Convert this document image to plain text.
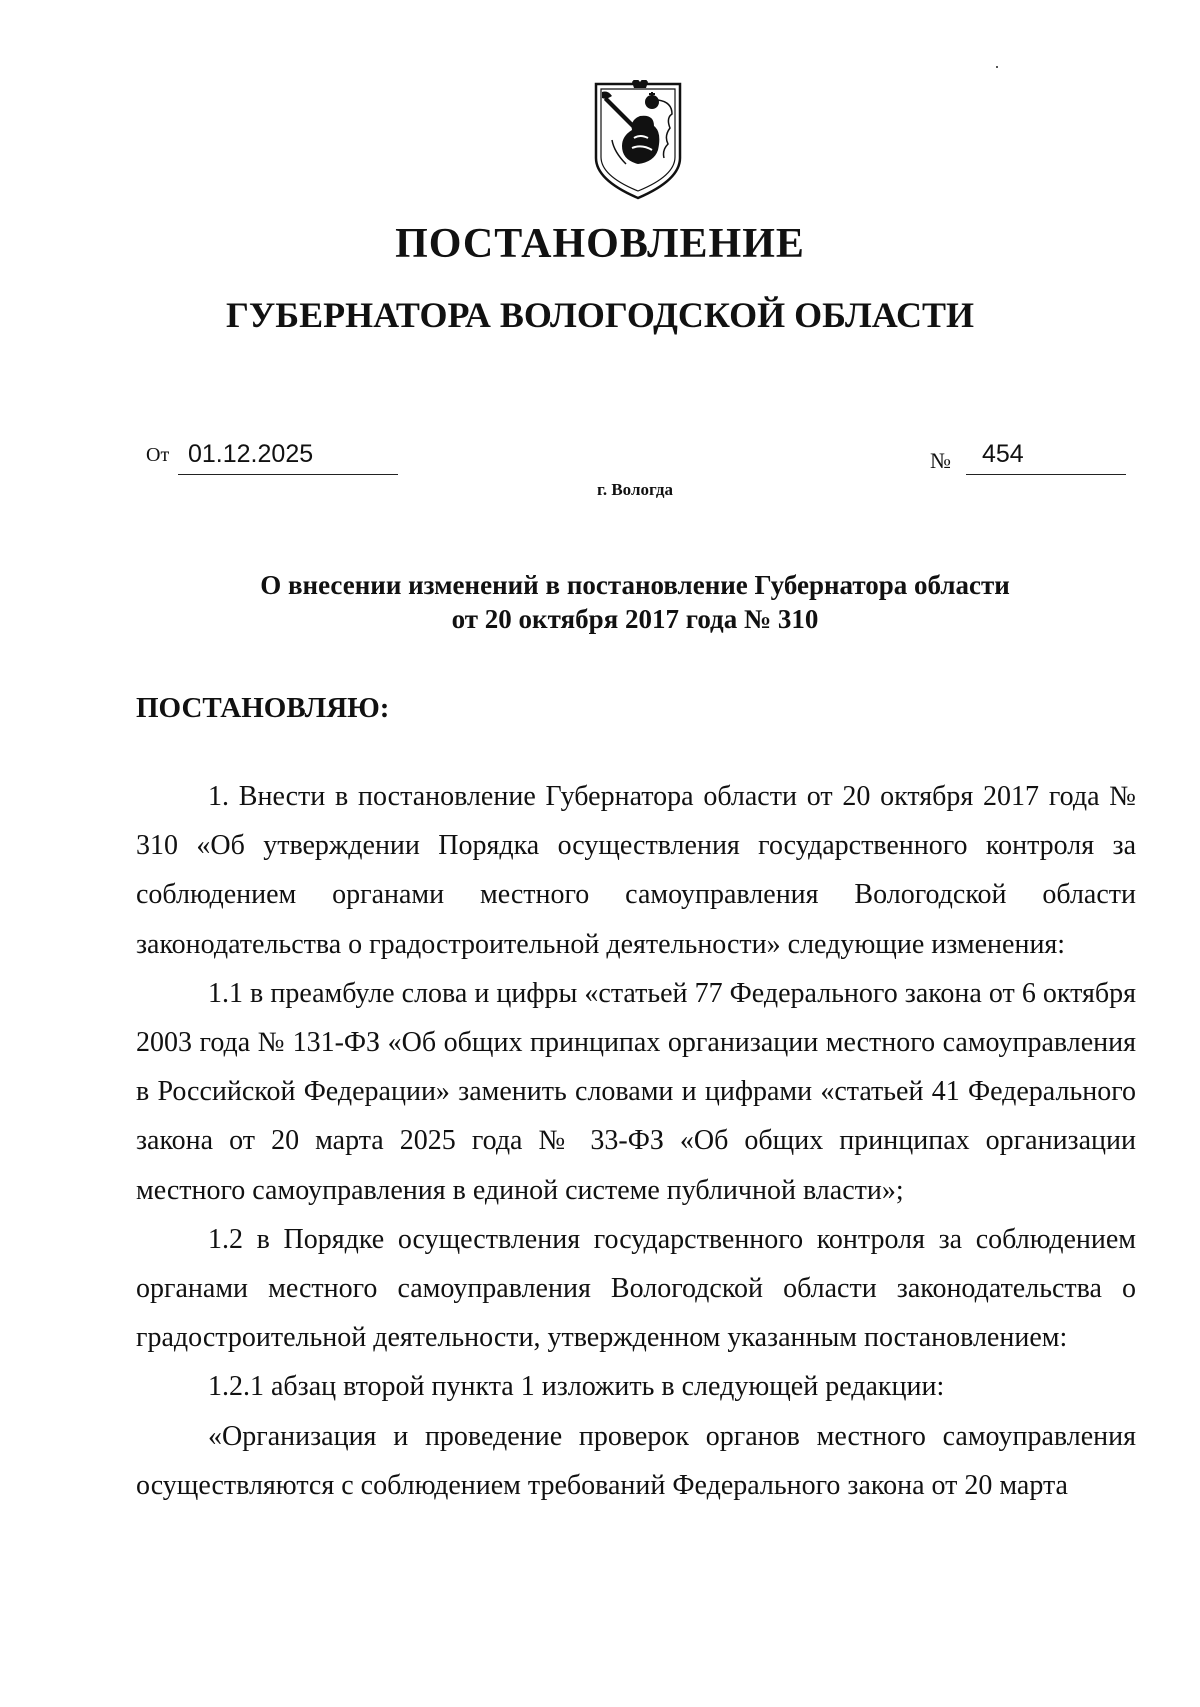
ПОСТАНОВЛЕНИЕ
ГУБЕРНАТОРА ВОЛОГОДСКОЙ ОБЛАСТИ
От 01.12.2025	№	454
г. Вологда
О внесении изменений в постановление Губернатора области
от 20 октября 2017 года № 310
ПОСТАНОВЛЯЮ:

1. Внести в постановление Губернатора области от 20 октября 2017 года № 310 «Об утверждении Порядка осуществления государственного контроля за соблюдением органами местного самоуправления Вологодской области законодательства о градостроительной деятельности» следующие изменения:

1.1 в преамбуле слова и цифры «статьей 77 Федерального закона от 6 октября 2003 года № 131-ФЗ «Об общих принципах организации местного самоуправления в Российской Федерации» заменить словами и цифрами «статьей 41 Федерального закона от 20 марта 2025 года № 33-ФЗ «Об общих принципах организации местного самоуправления в единой системе публичной власти»;

1.2 в Порядке осуществления государственного контроля за соблюдением органами местного самоуправления Вологодской области законодательства о градостроительной деятельности, утвержденном указанным постановлением:

1.2.1 абзац второй пункта 1 изложить в следующей редакции:

«Организация и проведение проверок органов местного самоуправления осуществляются с соблюдением требований Федерального закона от 20 марта
